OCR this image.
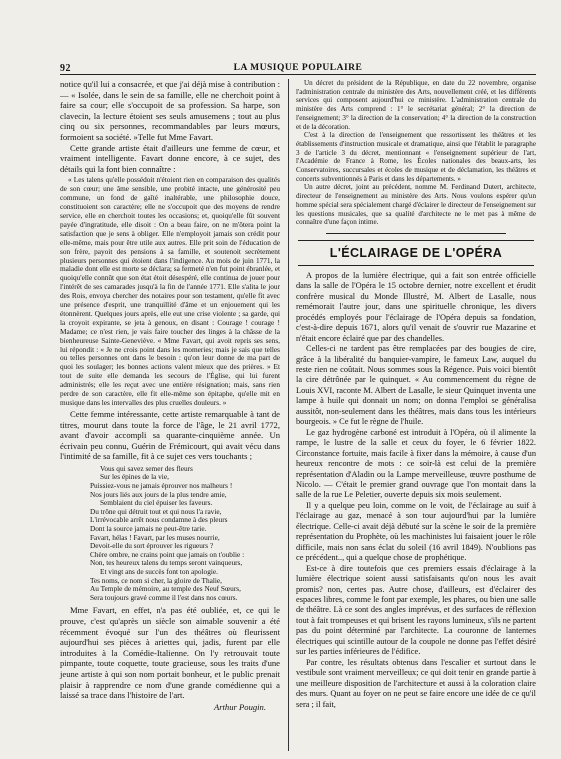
92	LA MUSIQUE POPULAIRE

notice qu'il lui a consacrée, et que j'ai déjà mise à contribution : — « Isolée, dans le sein de sa famille, elle ne cherchoit point à faire sa cour; elle s'occupoit de sa profession. Sa harpe, son clavecin, la lecture étoient ses seuls amusemens ; tout au plus cinq ou six personnes, recommandables par leurs mœurs, formoient sa société. »Telle fut Mme Favart.

Cette grande artiste était d'ailleurs une femme de cœur, et vraiment intelligente. Favart donne encore, à ce sujet, des détails qui la font bien connaître :

« Les talens qu'elle possédoit n'étoient rien en comparaison des qualités de son cœur; une âme sensible, une probité intacte, une générosité peu commune, un fond de gaîté inaltérable, une philosophie douce, constituoient son caractère; elle ne s'occupoit que des moyens de rendre service, elle en cherchoit toutes les occasions; et, quoiqu'elle fût souvent payée d'ingratitude, elle disoit : On a beau faire, on ne m'ôtera point la satisfaction que je sens à obliger. Elle n'employoit jamais son crédit pour elle-même, mais pour être utile aux autres. Elle prit soin de l'éducation de son frère, payoit des pensions à sa famille, et soutenoit secrètement plusieurs personnes qui étoient dans l'indigence. Au mois de juin 1771, la maladie dont elle est morte se déclara; sa fermeté n'en fut point ébranlée, et quoiqu'elle connût que son état étoit désespéré, elle continua de jouer pour l'intérêt de ses camarades jusqu'à la fin de l'année 1771. Elle s'alita le jour des Rois, envoya chercher des notaires pour son testament, qu'elle fit avec une présence d'esprit, une tranquillité d'âme et un enjouement qui les étonnèrent. Quelques jours après, elle eut une crise violente ; sa garde, qui la croyoit expirante, se jeta à genoux, en disant : Courage ! courage ! Madame; ce n'est rien, je vais faire toucher des linges à la châsse de la bienheureuse Sainte-Geneviève. « Mme Favart, qui avoit repris ses sens, lui répondit : « Je ne crois point dans les momeries; mais je sais que telles ou telles personnes ont dans le besoin : qu'on leur donne de ma part de quoi les soulager; les bonnes actions valent mieux que des prières. » Et tout de suite elle demanda les secours de l'Église, qui lui furent administrés; elle les reçut avec une entière résignation; mais, sans rien perdre de son caractère, elle fit elle-même son épitaphe, qu'elle mit en musique dans les intervalles des plus cruelles douleurs. »

Cette femme intéressante, cette artiste remarquable à tant de titres, mourut dans toute la force de l'âge, le 21 avril 1772, avant d'avoir accompli sa quarante-cinquième année. Un écrivain peu connu, Guérin de Frémicourt, qui avait vécu dans l'intimité de sa famille, fit à ce sujet ces vers touchants ;

Vous qui savez semer des fleurs
Sur les épines de la vie,
Puissiez-vous ne jamais éprouver nos malheurs !
Nos jours liés aux jours de la plus tendre amie,
Semblaient du ciel épuiser les faveurs.
Du trône qui détruit tout et qui nous l'a ravie,
L'irrévocable arrêt nous condamne à des pleurs
Dont la source jamais ne peut-être tarie.
Favart, hélas ! Favart, par les muses nourrie,
Devoit-elle du sort éprouver les rigueurs ?
Chère ombre, ne crains point que jamais on t'oublie :
Non, tes heureux talens du temps seront vainqueurs,
Et vingt ans de succès font ton apologie.
Tes noms, ce nom si cher, la gloire de Thalie,
Au Temple de mémoire, au temple des Neuf Sœurs,
Sera toujours gravé comme il l'est dans nos cœurs.

Mme Favart, en effet, n'a pas été oubliée, et, ce qui le prouve, c'est qu'après un siècle son aimable souvenir a été récemment évoqué sur l'un des théâtres où fleurissent aujourd'hui ses pièces à ariettes qui, jadis, furent par elle introduites à la Comédie-Italienne. On l'y retrouvait toute pimpante, toute coquette, toute gracieuse, sous les traits d'une jeune artiste à qui son nom portait bonheur, et le public prenait plaisir à rapprendre ce nom d'une grande comédienne qui a laissé sa trace dans l'histoire de l'art.

Arthur Pougin.

Un décret du président de la République, en date du 22 novembre, organise l'administration centrale du ministère des Arts, nouvellement créé, et les différents services qui composent aujourd'hui ce ministère. L'administration centrale du ministère des Arts comprend : 1° le secrétariat général; 2° la direction de l'enseignement; 3° la direction de la conservation; 4° la direction de la construction et de la décoration.

C'est à la direction de l'enseignement que ressortissent les théâtres et les établissements d'instruction musicale et dramatique, ainsi que l'établit le paragraphe 3 de l'article 3 du décret, mentionnant « l'enseignement supérieur de l'art, l'Académie de France à Rome, les Écoles nationales des beaux-arts, les Conservatoires, succursales et écoles de musique et de déclamation, les théâtres et concerts subventionnés à Paris et dans les départements. »

Un autre décret, joint au précédent, nomme M. Ferdinand Dutert, architecte, directeur de l'enseignement au ministère des Arts. Nous voulons espérer qu'un homme spécial sera spécialement chargé d'éclairer le directeur de l'enseignement sur les questions musicales, que sa qualité d'architecte ne le met pas à même de connaître d'une façon intime.

L'ÉCLAIRAGE DE L'OPÉRA

A propos de la lumière électrique, qui a fait son entrée officielle dans la salle de l'Opéra le 15 octobre dernier, notre excellent et érudit confrère musical du Monde Illustré, M. Albert de Lasalle, nous remémorait l'autre jour, dans une spirituelle chronique, les divers procédés employés pour l'éclairage de l'Opéra depuis sa fondation, c'est-à-dire depuis 1671, alors qu'il venait de s'ouvrir rue Mazarine et n'était encore éclairé que par des chandelles.

Celles-ci ne tardent pas être remplacées par des bougies de cire, grâce à la libéralité du banquier-vampire, le fameux Law, auquel du reste rien ne coûtait. Nous sommes sous la Régence. Puis voici bientôt la cire détrônée par le quinquet. « Au commencement du règne de Louis XVI, raconte M. Albert de Lasalle, le sieur Quinquet inventa une lampe à huile qui donnait un nom; on donna l'emploi se généralisa aussitôt, non-seulement dans les théâtres, mais dans tous les intérieurs bourgeois. » Ce fut le règne de l'huile.

Le gaz hydrogène carboné est introduit à l'Opéra, où il alimente la rampe, le lustre de la salle et ceux du foyer, le 6 février 1822. Circonstance fortuite, mais facile à fixer dans la mémoire, à cause d'un heureux rencontre de mots : ce soir-là est celui de la première représentation d'Aladin ou la Lampe merveilleuse, œuvre posthume de Nicolo. — C'était le premier grand ouvrage que l'on montait dans la salle de la rue Le Peletier, ouverte depuis six mois seulement.

Il y a quelque peu loin, comme on le voit, de l'éclairage au suif à l'éclairage au gaz, menacé à son tour aujourd'hui par la lumière électrique. Celle-ci avait déjà débuté sur la scène le soir de la première représentation du Prophète, où les machinistes lui faisaient jouer le rôle difficile, mais non sans éclat du soleil (16 avril 1849). N'oublions pas ce précédent.., qui a quelque chose de prophétique.

Est-ce à dire toutefois que ces premiers essais d'éclairage à la lumière électrique soient aussi satisfaisants qu'on nous les avait promis? non, certes pas. Autre chose, d'ailleurs, est d'éclairer des espaces libres, comme le font par exemple, les phares, ou bien une salle de théâtre. Là ce sont des angles imprévus, et des surfaces de réflexion tout à fait trompeuses et qui brisent les rayons lumineux, s'ils ne partent pas du point déterminé par l'architecte. La couronne de lanternes électriques qui scintille autour de la coupole ne donne pas l'effet désiré sur les parties inférieures de l'édifice.

Par contre, les résultats obtenus dans l'escalier et surtout dans le vestibule sont vraiment merveilleux; ce qui doit tenir en grande partie à une meilleure disposition de l'architecture et aussi à la coloration claire des murs. Quant au foyer on ne peut se faire encore une idée de ce qu'il sera ; il fait,
